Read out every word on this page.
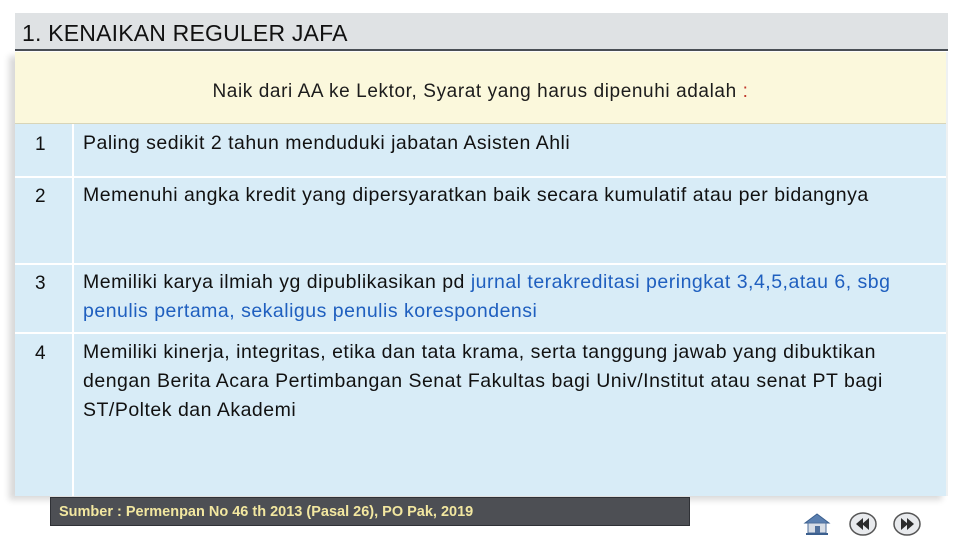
1. KENAIKAN REGULER JAFA
Naik dari AA ke Lektor, Syarat yang harus dipenuhi adalah :
1 Paling sedikit 2 tahun menduduki jabatan Asisten Ahli
2 Memenuhi angka kredit yang dipersyaratkan baik secara kumulatif atau per bidangnya
3 Memiliki karya ilmiah yg dipublikasikan pd jurnal terakreditasi peringkat 3,4,5,atau 6, sbg penulis pertama, sekaligus penulis korespondensi
4 Memiliki kinerja, integritas, etika dan tata krama, serta tanggung jawab yang dibuktikan dengan Berita Acara Pertimbangan Senat Fakultas bagi Univ/Institut atau senat PT bagi ST/Poltek dan Akademi
Sumber : Permenpan No 46 th 2013 (Pasal 26), PO Pak, 2019
